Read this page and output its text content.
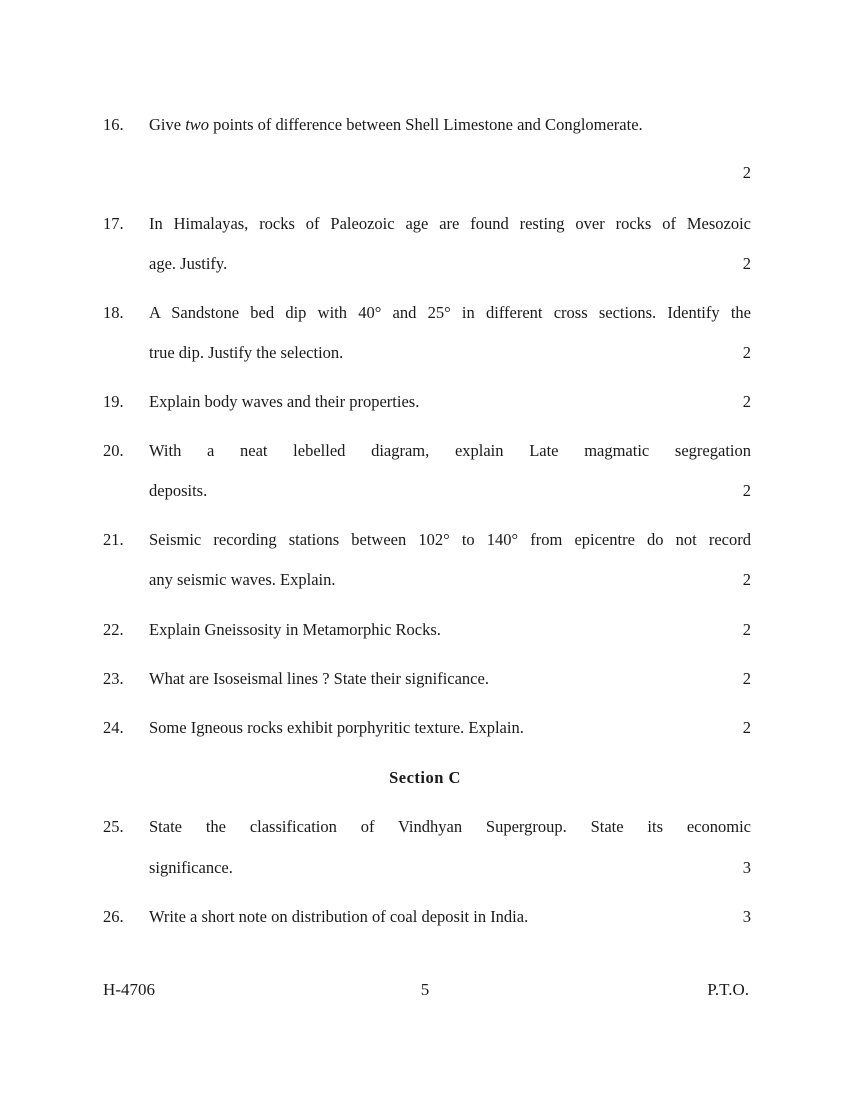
16. Give two points of difference between Shell Limestone and Conglomerate.
2
17. In Himalayas, rocks of Paleozoic age are found resting over rocks of Mesozoic
age. Justify.	2
18. A Sandstone bed dip with 40° and 25° in different cross sections. Identify the
true dip. Justify the selection.	2
19. Explain body waves and their properties.	2
20. With a neat lebelled diagram, explain Late magmatic segregation
deposits.	2
21. Seismic recording stations between 102° to 140° from epicentre do not record
any seismic waves. Explain.	2
22. Explain Gneissosity in Metamorphic Rocks.	2
23. What are Isoseismal lines ? State their significance.	2
24. Some Igneous rocks exhibit porphyritic texture. Explain.	2
Section C
25. State the classification of Vindhyan Supergroup. State its economic
significance.	3
26. Write a short note on distribution of coal deposit in India.	3
H-4706	5	P.T.O.
